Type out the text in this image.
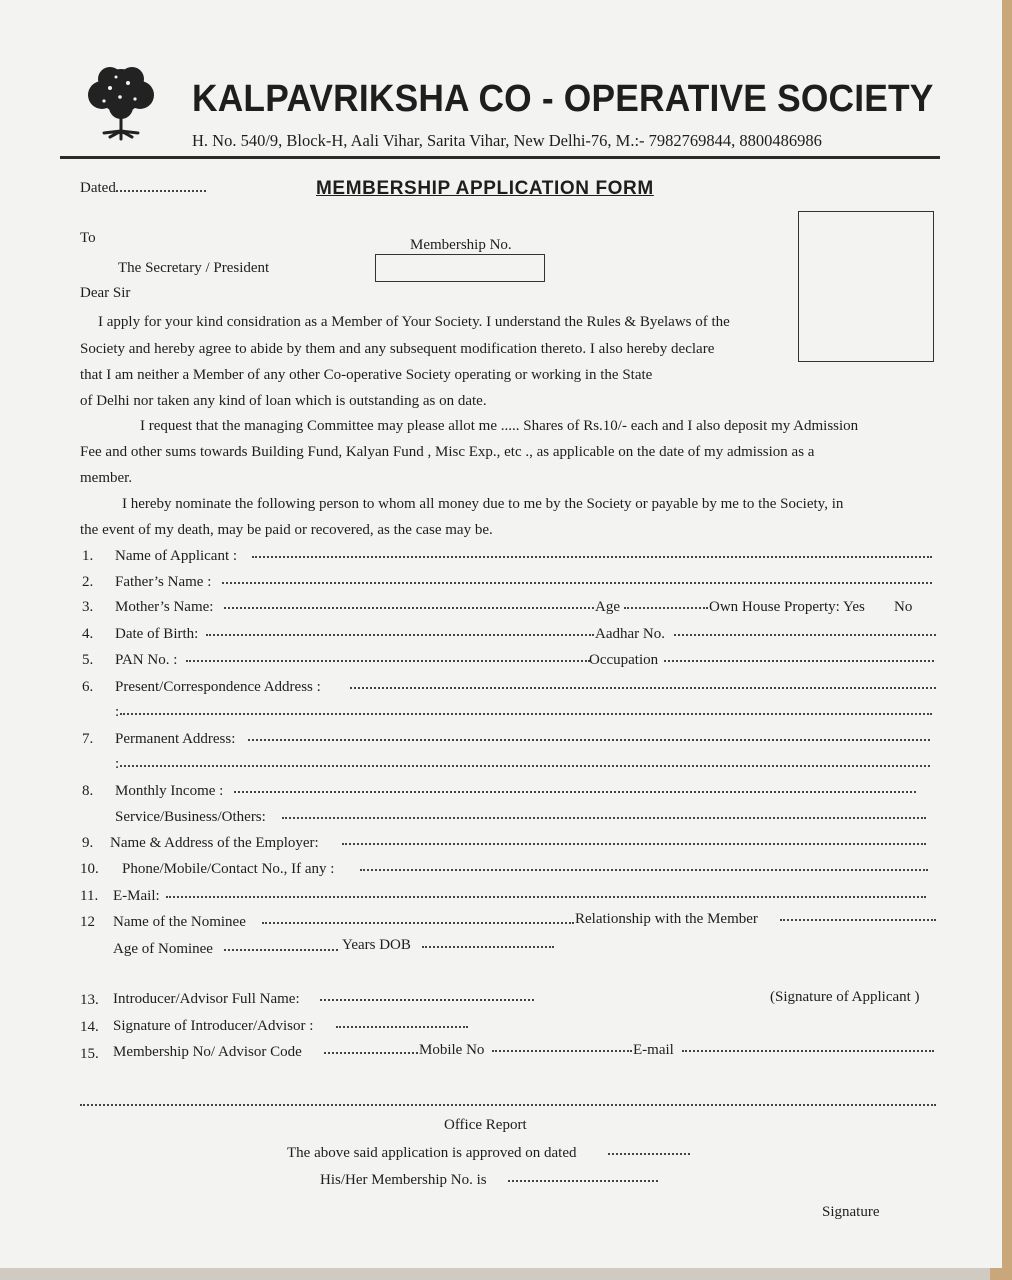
KALPAVRIKSHA CO - OPERATIVE SOCIETY
H. No. 540/9, Block-H, Aali Vihar, Sarita Vihar, New Delhi-76, M.:- 7982769844, 8800486986
Dated	MEMBERSHIP APPLICATION FORM
To	Membership No.
The Secretary / President
Dear Sir
I apply for your kind considration as a Member of Your Society. I understand the Rules & Byelaws of the
Society and hereby agree to abide by them and any subsequent modification thereto. I also hereby declare
that I am neither a Member of any other Co-operative Society operating or working in the State
of Delhi nor taken any kind of loan which is outstanding as on date.
I request that the managing Committee may please allot me ..... Shares of Rs.10/- each and I also deposit my Admission
Fee and other sums towards Building Fund, Kalyan Fund , Misc Exp., etc ., as applicable on the date of my admission as a
member.
I hereby nominate the following person to whom all money due to me by the Society or payable by me to the Society, in
the event of my death, may be paid or recovered, as the case may be.
1. Name of Applicant :
2. Father’s Name :
3. Mother’s Name:	Age	Own House Property: Yes No
4. Date of Birth:	Aadhar No.
5. PAN No. :	Occupation
6. Present/Correspondence Address :
:
7. Permanent Address:
:
8. Monthly Income :
Service/Business/Others:
9. Name & Address of the Employer:
10. Phone/Mobile/Contact No., If any :
11. E-Mail:
12 Name of the Nominee	Relationship with the Member
Age of Nominee	Years DOB
13. Introducer/Advisor Full Name:	(Signature of Applicant )
14. Signature of Introducer/Advisor :
15. Membership No/ Advisor Code	Mobile No	E-mail
Office Report
The above said application is approved on dated
His/Her Membership No. is
Signature
